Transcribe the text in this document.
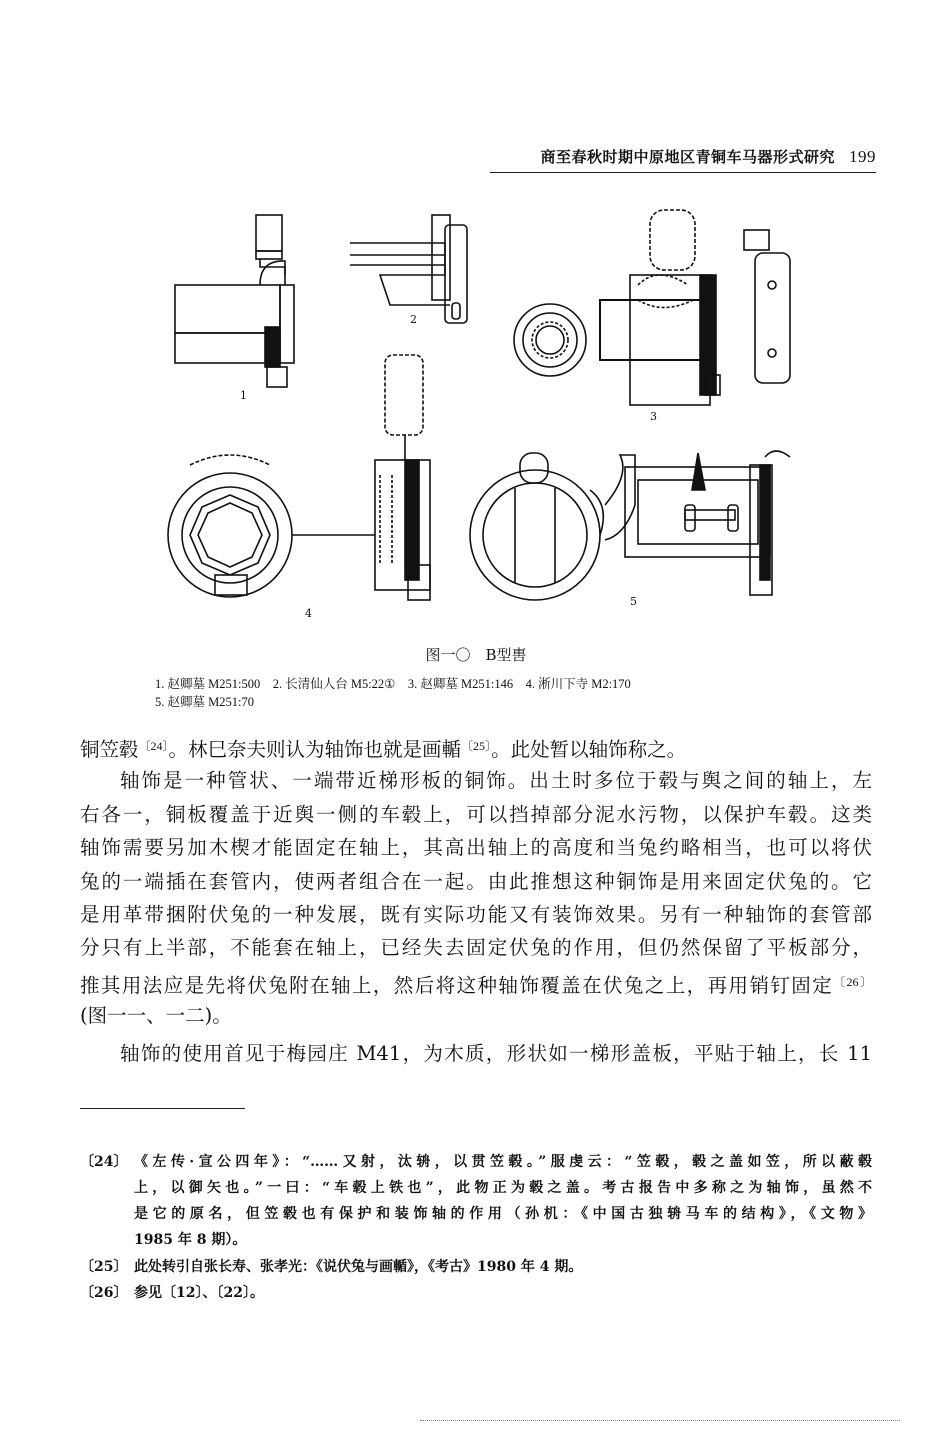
商至春秋时期中原地区青铜车马器形式研究 199
1
2
3
4
5
图一〇　B型軎
1. 赵卿墓 M251:500　2. 长清仙人台 M5:22①　3. 赵卿墓 M251:146　4. 淅川下寺 M2:170
5. 赵卿墓 M251:70
铜笠毂$^{〔24〕}$。林巳奈夫则认为轴饰也就是画輴$^{〔25〕}$。此处暂以轴饰称之。
轴饰是一种管状、一端带近梯形板的铜饰。出土时多位于毂与舆之间的轴上，左
右各一，铜板覆盖于近舆一侧的车毂上，可以挡掉部分泥水污物，以保护车毂。这类
轴饰需要另加木楔才能固定在轴上，其高出轴上的高度和当兔约略相当，也可以将伏
兔的一端插在套管内，使两者组合在一起。由此推想这种铜饰是用来固定伏兔的。它
是用革带捆附伏兔的一种发展，既有实际功能又有装饰效果。另有一种轴饰的套管部
分只有上半部，不能套在轴上，已经失去固定伏兔的作用，但仍然保留了平板部分，
推其用法应是先将伏兔附在轴上，然后将这种轴饰覆盖在伏兔之上，再用销钉固定$^{〔26〕}$
(图一一、一二)。
轴饰的使用首见于梅园庄 M41，为木质，形状如一梯形盖板，平贴于轴上，长 11
〔24〕 《左传·宣公四年》：“……又射，汰辀，以贯笠毂。”服虔云：“笠毂，毂之盖如笠，所以蔽毂
上，以御矢也。”一曰：“车毂上铁也”，此物正为毂之盖。考古报告中多称之为轴饰，虽然不
是它的原名，但笠毂也有保护和装饰轴的作用（孙机：《中国古独辀马车的结构》，《文物》
1985 年 8 期）。
〔25〕 此处转引自张长寿、张孝光：《说伏兔与画輴》，《考古》1980 年 4 期。
〔26〕 参见〔12〕、〔22〕。
